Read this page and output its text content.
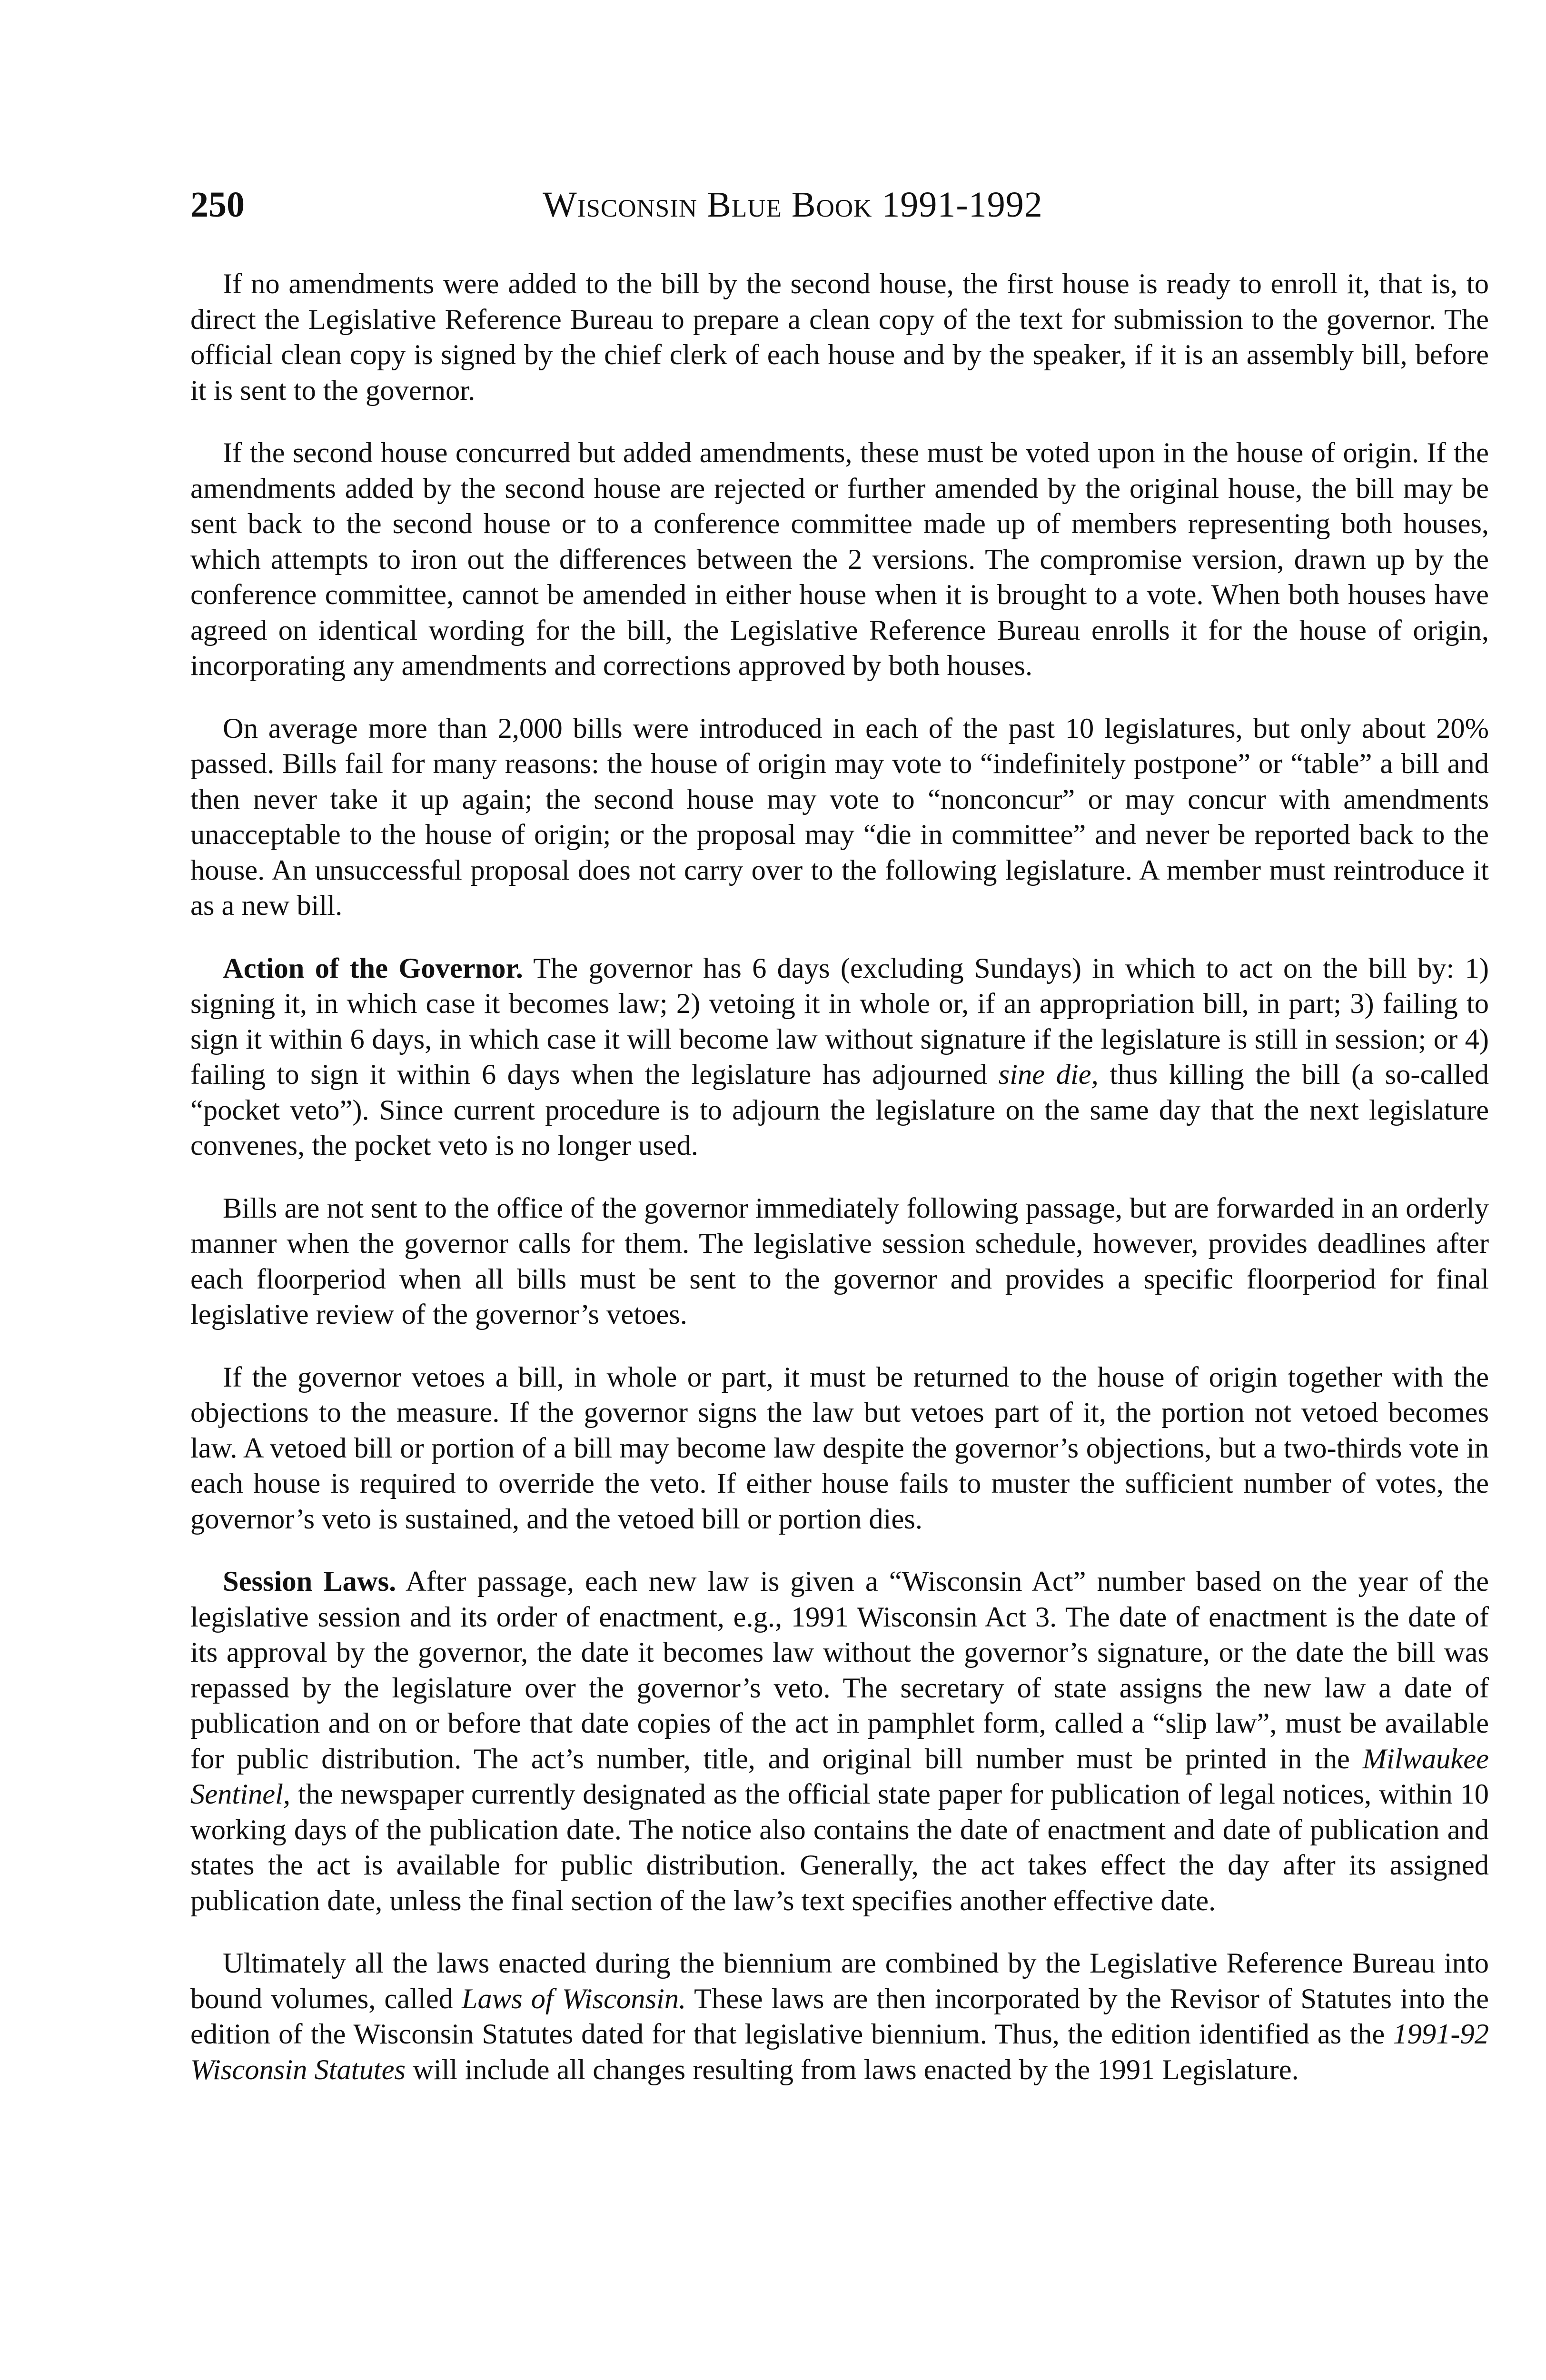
250	Wisconsin Blue Book 1991-1992

If no amendments were added to the bill by the second house, the first house is ready to enroll it, that is, to direct the Legislative Reference Bureau to prepare a clean copy of the text for submission to the governor. The official clean copy is signed by the chief clerk of each house and by the speaker, if it is an assembly bill, before it is sent to the governor.

If the second house concurred but added amendments, these must be voted upon in the house of origin. If the amendments added by the second house are rejected or further amended by the original house, the bill may be sent back to the second house or to a conference committee made up of members representing both houses, which attempts to iron out the differences between the 2 versions. The compromise version, drawn up by the conference committee, cannot be amended in either house when it is brought to a vote. When both houses have agreed on identical wording for the bill, the Legislative Reference Bureau enrolls it for the house of origin, incorporating any amendments and corrections approved by both houses.

On average more than 2,000 bills were introduced in each of the past 10 legislatures, but only about 20% passed. Bills fail for many reasons: the house of origin may vote to “indefinitely postpone” or “table” a bill and then never take it up again; the second house may vote to “nonconcur” or may concur with amendments unacceptable to the house of origin; or the proposal may “die in committee” and never be reported back to the house. An unsuccessful proposal does not carry over to the following legislature. A member must reintroduce it as a new bill.

Action of the Governor. The governor has 6 days (excluding Sundays) in which to act on the bill by: 1) signing it, in which case it becomes law; 2) vetoing it in whole or, if an appropriation bill, in part; 3) failing to sign it within 6 days, in which case it will become law without signature if the legislature is still in session; or 4) failing to sign it within 6 days when the legislature has adjourned sine die, thus killing the bill (a so-called “pocket veto”). Since current procedure is to adjourn the legislature on the same day that the next legislature convenes, the pocket veto is no longer used.

Bills are not sent to the office of the governor immediately following passage, but are forwarded in an orderly manner when the governor calls for them. The legislative session schedule, however, provides deadlines after each floorperiod when all bills must be sent to the governor and provides a specific floorperiod for final legislative review of the governor’s vetoes.

If the governor vetoes a bill, in whole or part, it must be returned to the house of origin together with the objections to the measure. If the governor signs the law but vetoes part of it, the portion not vetoed becomes law. A vetoed bill or portion of a bill may become law despite the governor’s objections, but a two-thirds vote in each house is required to override the veto. If either house fails to muster the sufficient number of votes, the governor’s veto is sustained, and the vetoed bill or portion dies.

Session Laws. After passage, each new law is given a “Wisconsin Act” number based on the year of the legislative session and its order of enactment, e.g., 1991 Wisconsin Act 3. The date of enactment is the date of its approval by the governor, the date it becomes law without the governor’s signature, or the date the bill was repassed by the legislature over the governor’s veto. The secretary of state assigns the new law a date of publication and on or before that date copies of the act in pamphlet form, called a “slip law”, must be available for public distribution. The act’s number, title, and original bill number must be printed in the Milwaukee Sentinel, the newspaper currently designated as the official state paper for publication of legal notices, within 10 working days of the publication date. The notice also contains the date of enactment and date of publication and states the act is available for public distribution. Generally, the act takes effect the day after its assigned publication date, unless the final section of the law’s text specifies another effective date.

Ultimately all the laws enacted during the biennium are combined by the Legislative Reference Bureau into bound volumes, called Laws of Wisconsin. These laws are then incorporated by the Revisor of Statutes into the edition of the Wisconsin Statutes dated for that legislative biennium. Thus, the edition identified as the 1991-92 Wisconsin Statutes will include all changes resulting from laws enacted by the 1991 Legislature.
